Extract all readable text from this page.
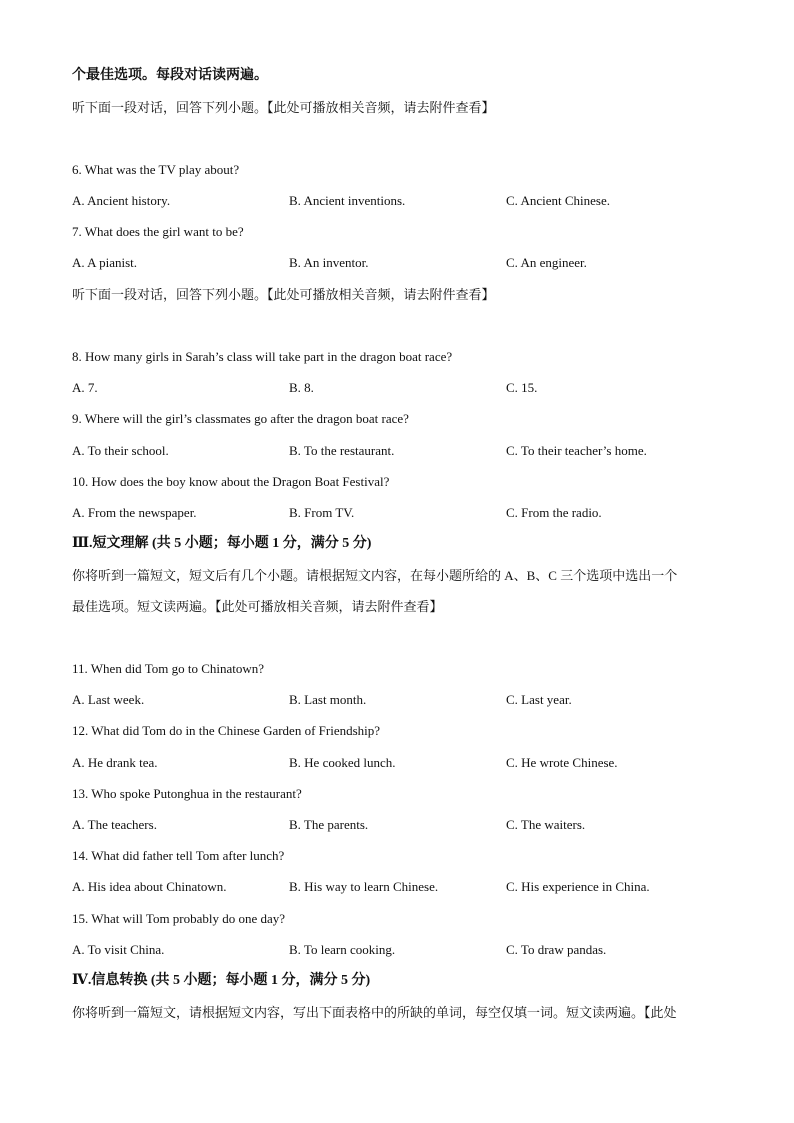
个最佳选项。每段对话读两遍。
听下面一段对话，回答下列小题。【此处可播放相关音频，请去附件查看】
6. What was the TV play about?
A. Ancient history.	B. Ancient inventions.	C. Ancient Chinese.
7. What does the girl want to be?
A. A pianist.	B. An inventor.	C. An engineer.
听下面一段对话，回答下列小题。【此处可播放相关音频，请去附件查看】
8. How many girls in Sarah’s class will take part in the dragon boat race?
A. 7.	B. 8.	C. 15.
9. Where will the girl’s classmates go after the dragon boat race?
A. To their school.	B. To the restaurant.	C. To their teacher’s home.
10. How does the boy know about the Dragon Boat Festival?
A. From the newspaper.	B. From TV.	C. From the radio.
Ⅲ.短文理解 (共 5 小题；每小题 1 分，满分 5 分)
你将听到一篇短文，短文后有几个小题。请根据短文内容，在每小题所给的 A、B、C 三个选项中选出一个
最佳选项。短文读两遍。【此处可播放相关音频，请去附件查看】
11. When did Tom go to Chinatown?
A. Last week.	B. Last month.	C. Last year.
12. What did Tom do in the Chinese Garden of Friendship?
A. He drank tea.	B. He cooked lunch.	C. He wrote Chinese.
13. Who spoke Putonghua in the restaurant?
A. The teachers.	B. The parents.	C. The waiters.
14. What did father tell Tom after lunch?
A. His idea about Chinatown.	B. His way to learn Chinese.	C. His experience in China.
15. What will Tom probably do one day?
A. To visit China.	B. To learn cooking.	C. To draw pandas.
Ⅳ.信息转换 (共 5 小题；每小题 1 分，满分 5 分)
你将听到一篇短文，请根据短文内容，写出下面表格中的所缺的单词，每空仅填一词。短文读两遍。【此处
